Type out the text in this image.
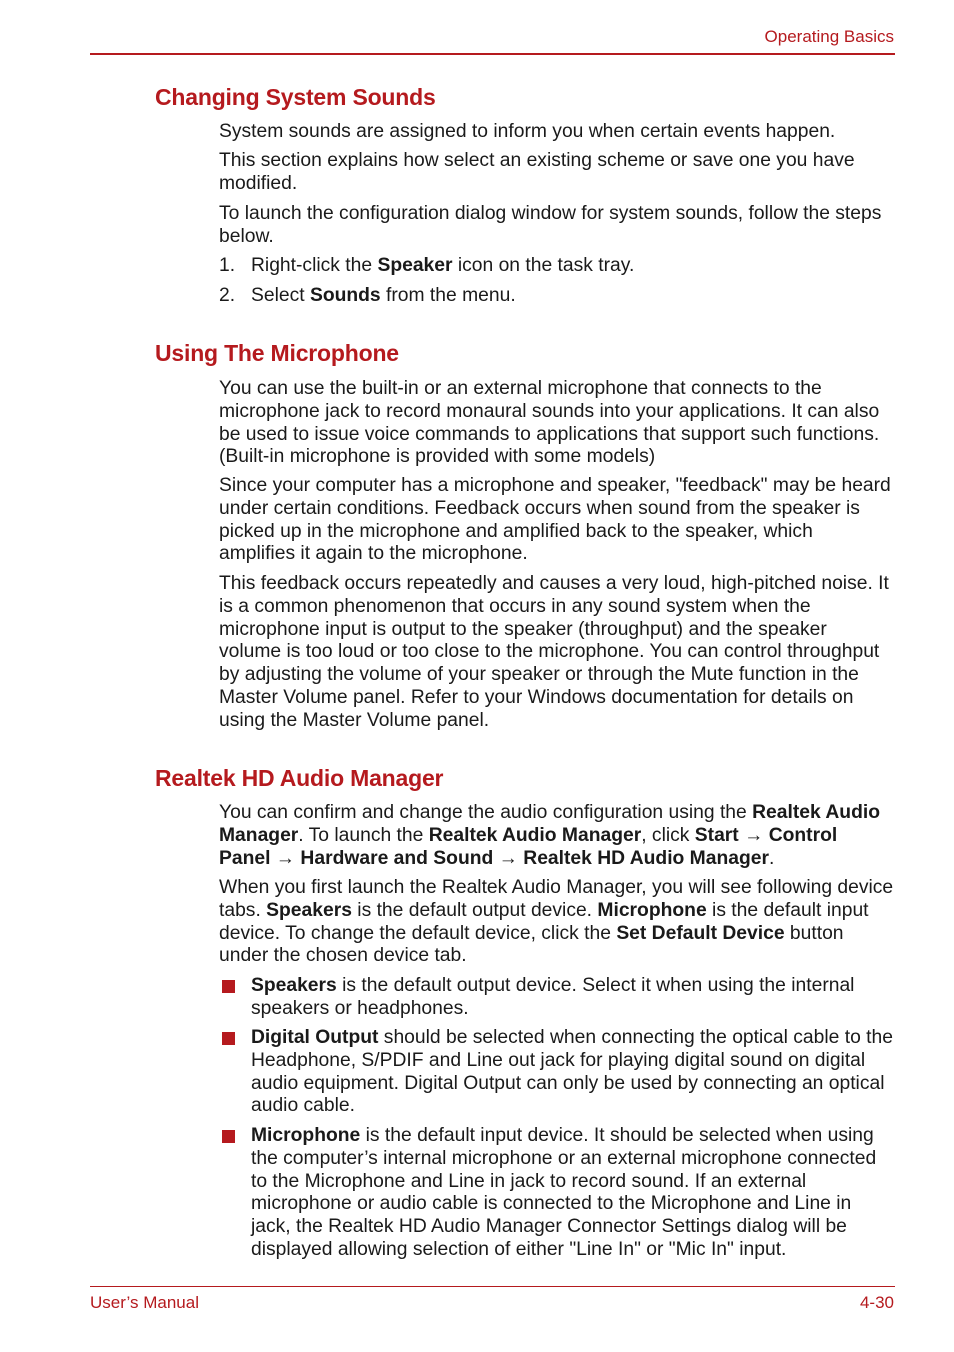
Operating Basics
Changing System Sounds

System sounds are assigned to inform you when certain events happen.

This section explains how select an existing scheme or save one you have modified.

To launch the configuration dialog window for system sounds, follow the steps below.

1. Right-click the Speaker icon on the task tray.
2. Select Sounds from the menu.
Using The Microphone

You can use the built-in or an external microphone that connects to the microphone jack to record monaural sounds into your applications. It can also be used to issue voice commands to applications that support such functions.(Built-in microphone is provided with some models)

Since your computer has a microphone and speaker, "feedback" may be heard under certain conditions. Feedback occurs when sound from the speaker is picked up in the microphone and amplified back to the speaker, which amplifies it again to the microphone.

This feedback occurs repeatedly and causes a very loud, high-pitched noise. It is a common phenomenon that occurs in any sound system when the microphone input is output to the speaker (throughput) and the speaker volume is too loud or too close to the microphone. You can control throughput by adjusting the volume of your speaker or through the Mute function in the Master Volume panel. Refer to your Windows documentation for details on using the Master Volume panel.

Realtek HD Audio Manager

You can confirm and change the audio configuration using the Realtek Audio Manager. To launch the Realtek Audio Manager, click Start → Control Panel → Hardware and Sound → Realtek HD Audio Manager.

When you first launch the Realtek Audio Manager, you will see following device tabs. Speakers is the default output device. Microphone is the default input device. To change the default device, click the Set Default Device button under the chosen device tab.

Speakers is the default output device. Select it when using the internal speakers or headphones.
Digital Output should be selected when connecting the optical cable to the Headphone, S/PDIF and Line out jack for playing digital sound on digital audio equipment. Digital Output can only be used by connecting an optical audio cable.
Microphone is the default input device. It should be selected when using the computer’s internal microphone or an external microphone connected to the Microphone and Line in jack to record sound. If an external microphone or audio cable is connected to the Microphone and Line in jack, the Realtek HD Audio Manager Connector Settings dialog will be displayed allowing selection of either "Line In" or "Mic In" input.
User’s Manual	4-30
